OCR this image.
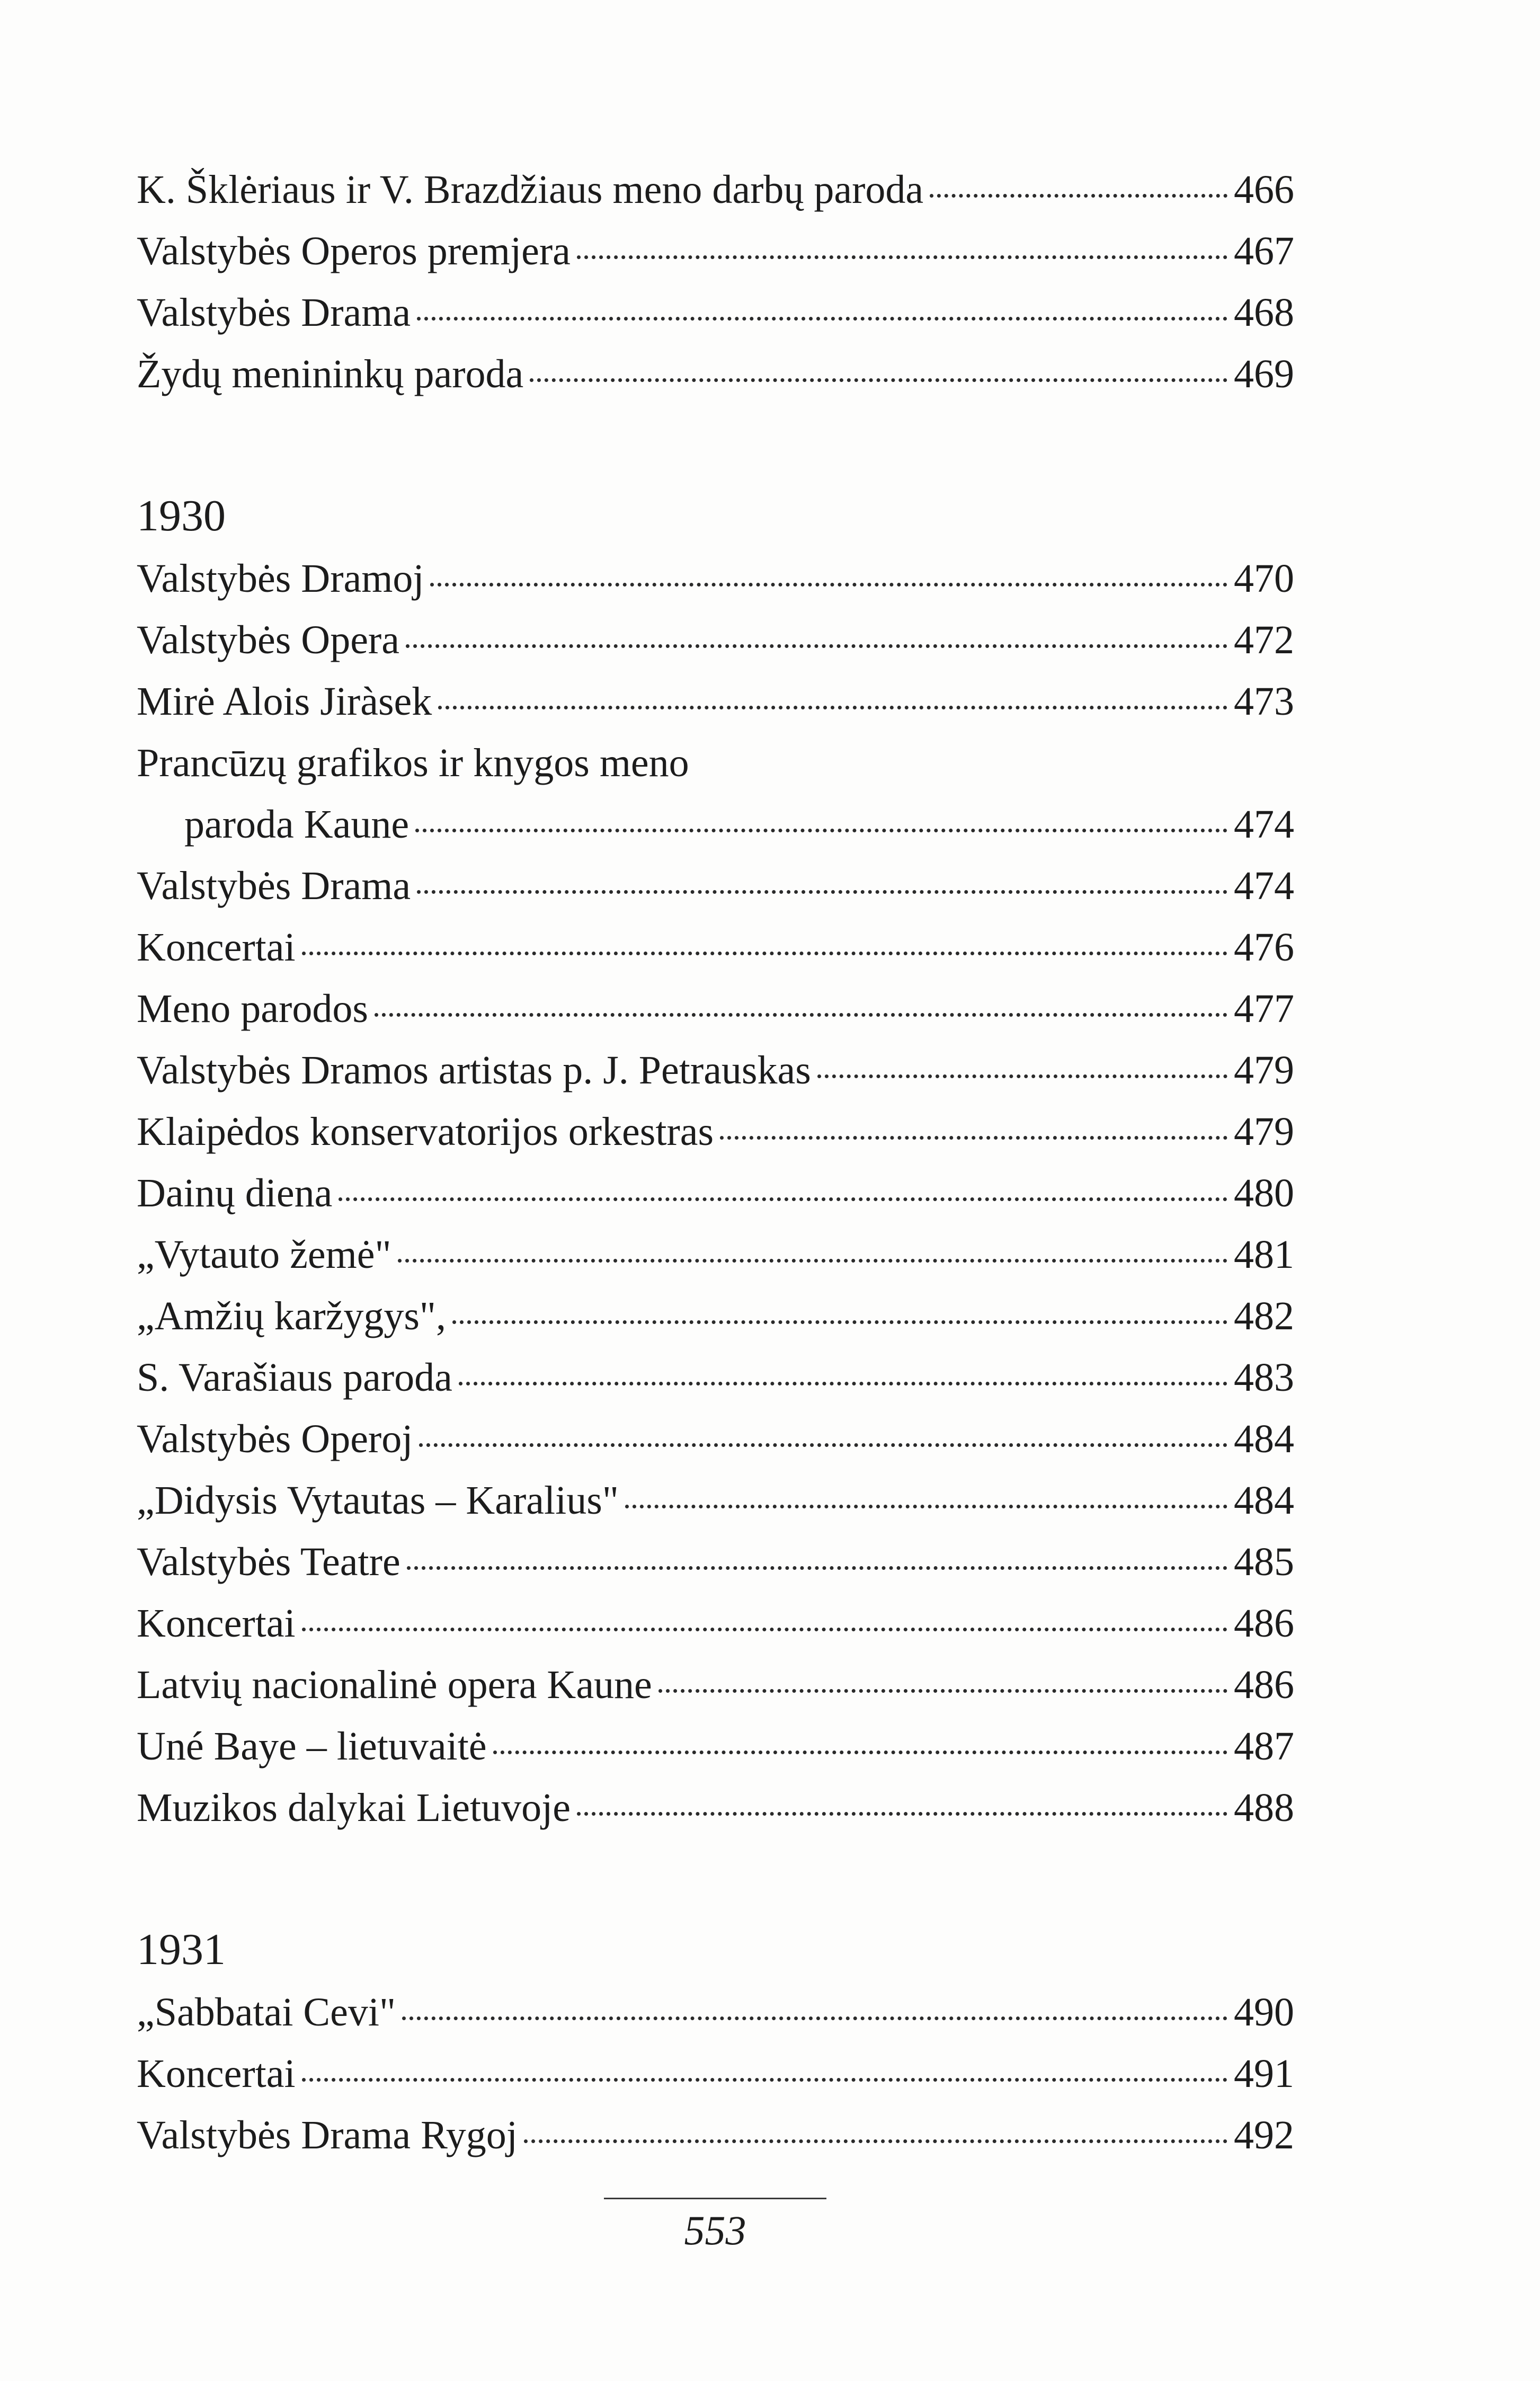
K. Šklėriaus ir V. Brazdžiaus meno darbų paroda	466
Valstybės Operos premjera	467
Valstybės Drama	468
Žydų menininkų paroda	469
1930
Valstybės Dramoj	470
Valstybės Opera	472
Mirė Alois Jiràsek	473
Prancūzų grafikos ir knygos meno
paroda Kaune	474
Valstybės Drama	474
Koncertai	476
Meno parodos	477
Valstybės Dramos artistas p. J. Petrauskas	479
Klaipėdos konservatorijos orkestras	479
Dainų diena	480
„Vytauto žemė"	481
„Amžių karžygys",	482
S. Varašiaus paroda	483
Valstybės Operoj	484
„Didysis Vytautas – Karalius"	484
Valstybės Teatre	485
Koncertai	486
Latvių nacionalinė opera Kaune	486
Uné Baye – lietuvaitė	487
Muzikos dalykai Lietuvoje	488
1931
„Sabbatai Cevi"	490
Koncertai	491
Valstybės Drama Rygoj	492
553
